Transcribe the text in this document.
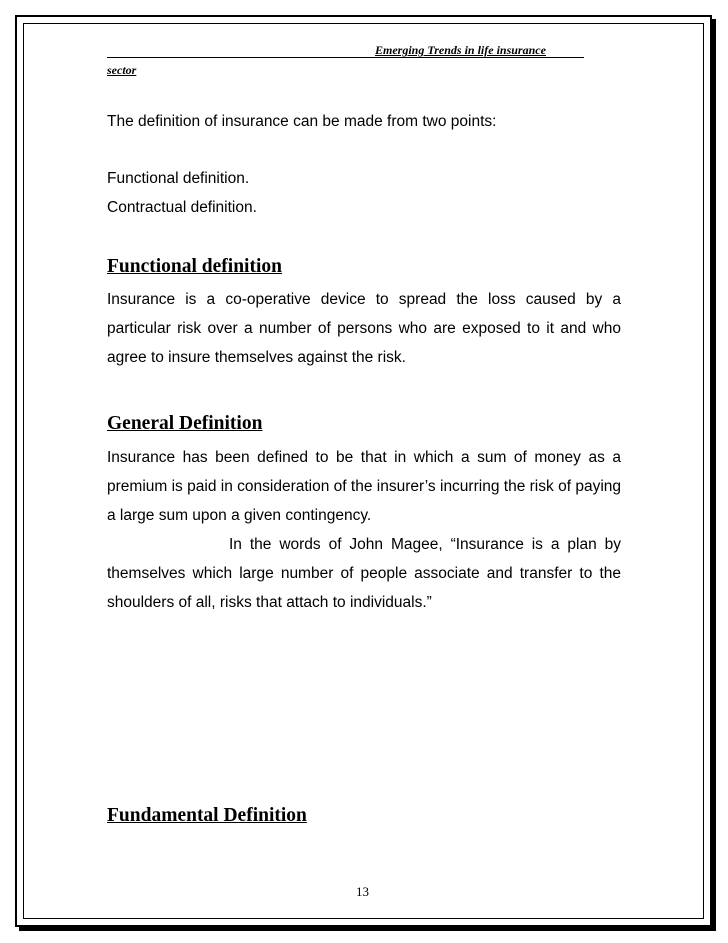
Emerging Trends in life insurance
sector
The definition of insurance can be made from two points:
Functional definition.
Contractual definition.
Functional definition
Insurance is a co-operative device to spread the loss caused by a particular risk over a number of persons who are exposed to it and who agree to insure themselves against the risk.
General Definition
Insurance has been defined to be that in which a sum of money as a premium is paid in consideration of the insurer’s incurring the risk of paying a large sum upon a given contingency.
In the words of John Magee, “Insurance is a plan by themselves which large number of people associate and transfer to the shoulders of all, risks that attach to individuals.”
Fundamental Definition
13
